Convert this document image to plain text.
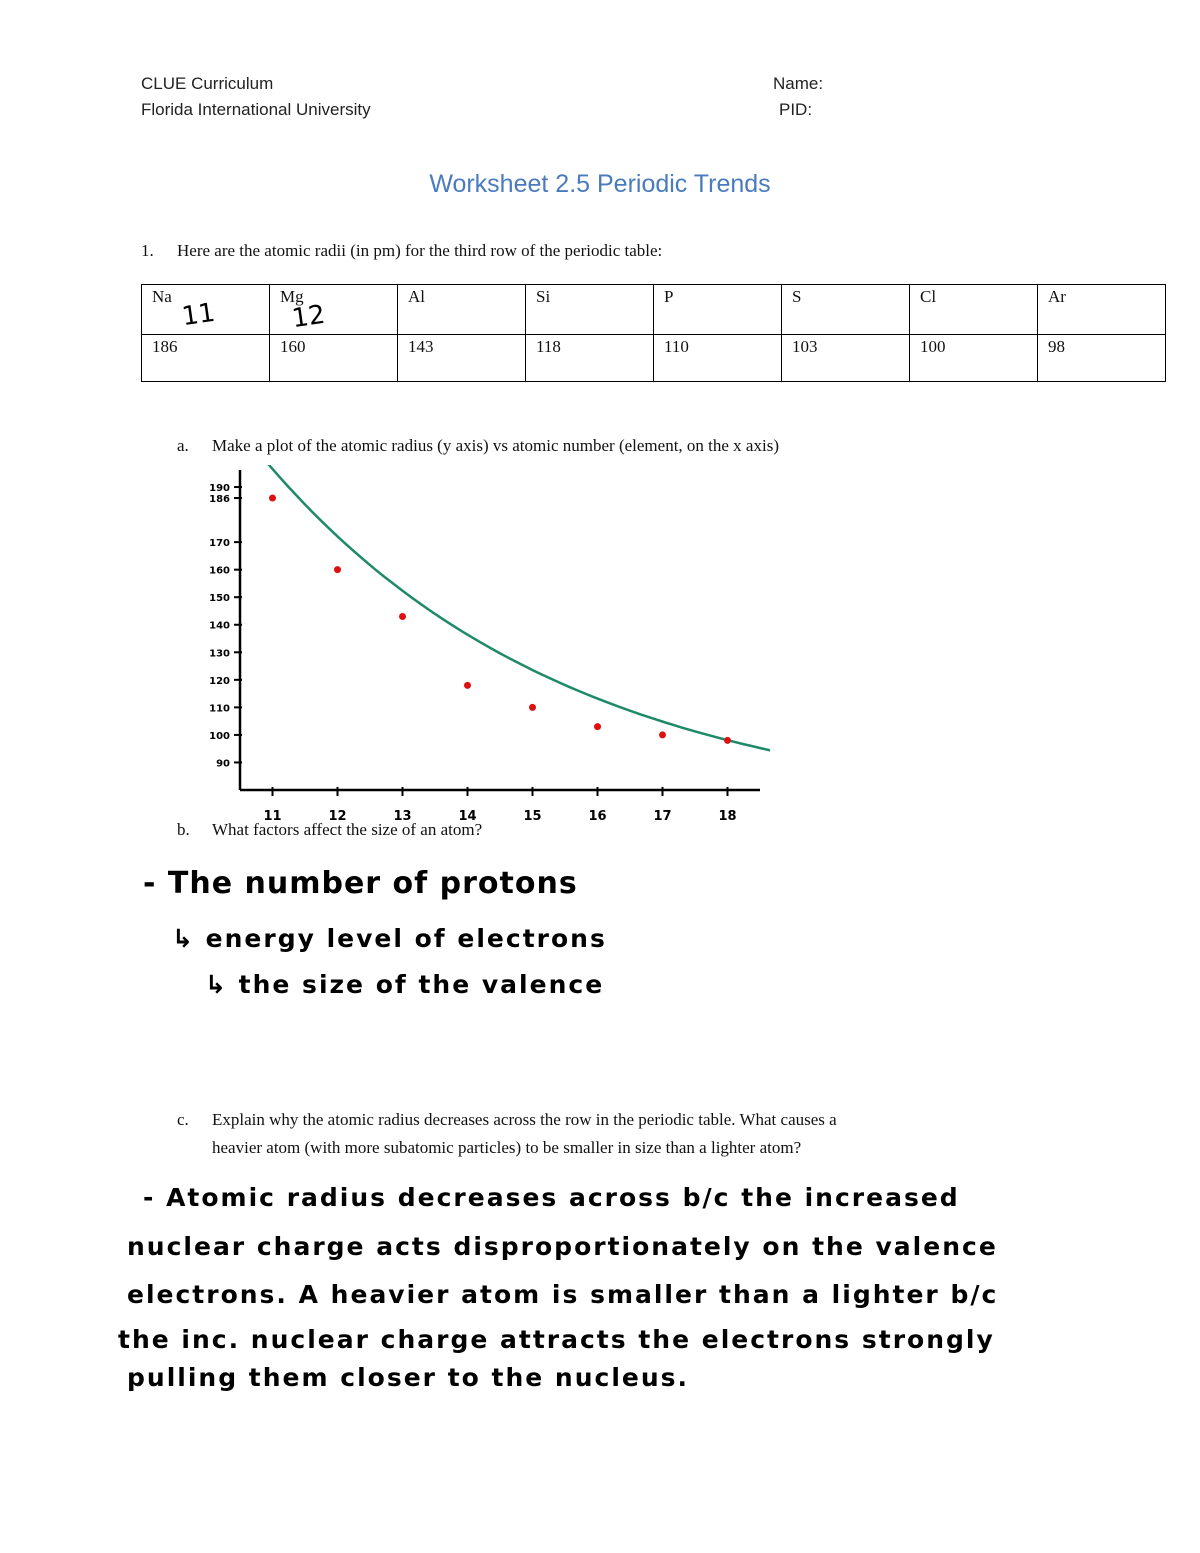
CLUE Curriculum
Florida International University
Name:
PID:
Worksheet 2.5 Periodic Trends
1. Here are the atomic radii (in pm) for the third row of the periodic table:
Na	Mg	Al	Si	P	S	Cl	Ar
186	160	143	118	110	103	100	98
11	12
a. Make a plot of the atomic radius (y axis) vs atomic number (element, on the x axis)
190
186
170
160
150
140
130
120
110
100
90
11	12	13	14	15	16	17	18
b. What factors affect the size of an atom?
- The number of protons
↳ energy level of electrons
↳ the size of the valence
c. Explain why the atomic radius decreases across the row in the periodic table. What causes a
heavier atom (with more subatomic particles) to be smaller in size than a lighter atom?
- Atomic radius decreases across b/c the increased
nuclear charge acts disproportionately on the valence
electrons. A heavier atom is smaller than a lighter b/c
the inc. nuclear charge attracts the electrons strongly
pulling them closer to the nucleus.
